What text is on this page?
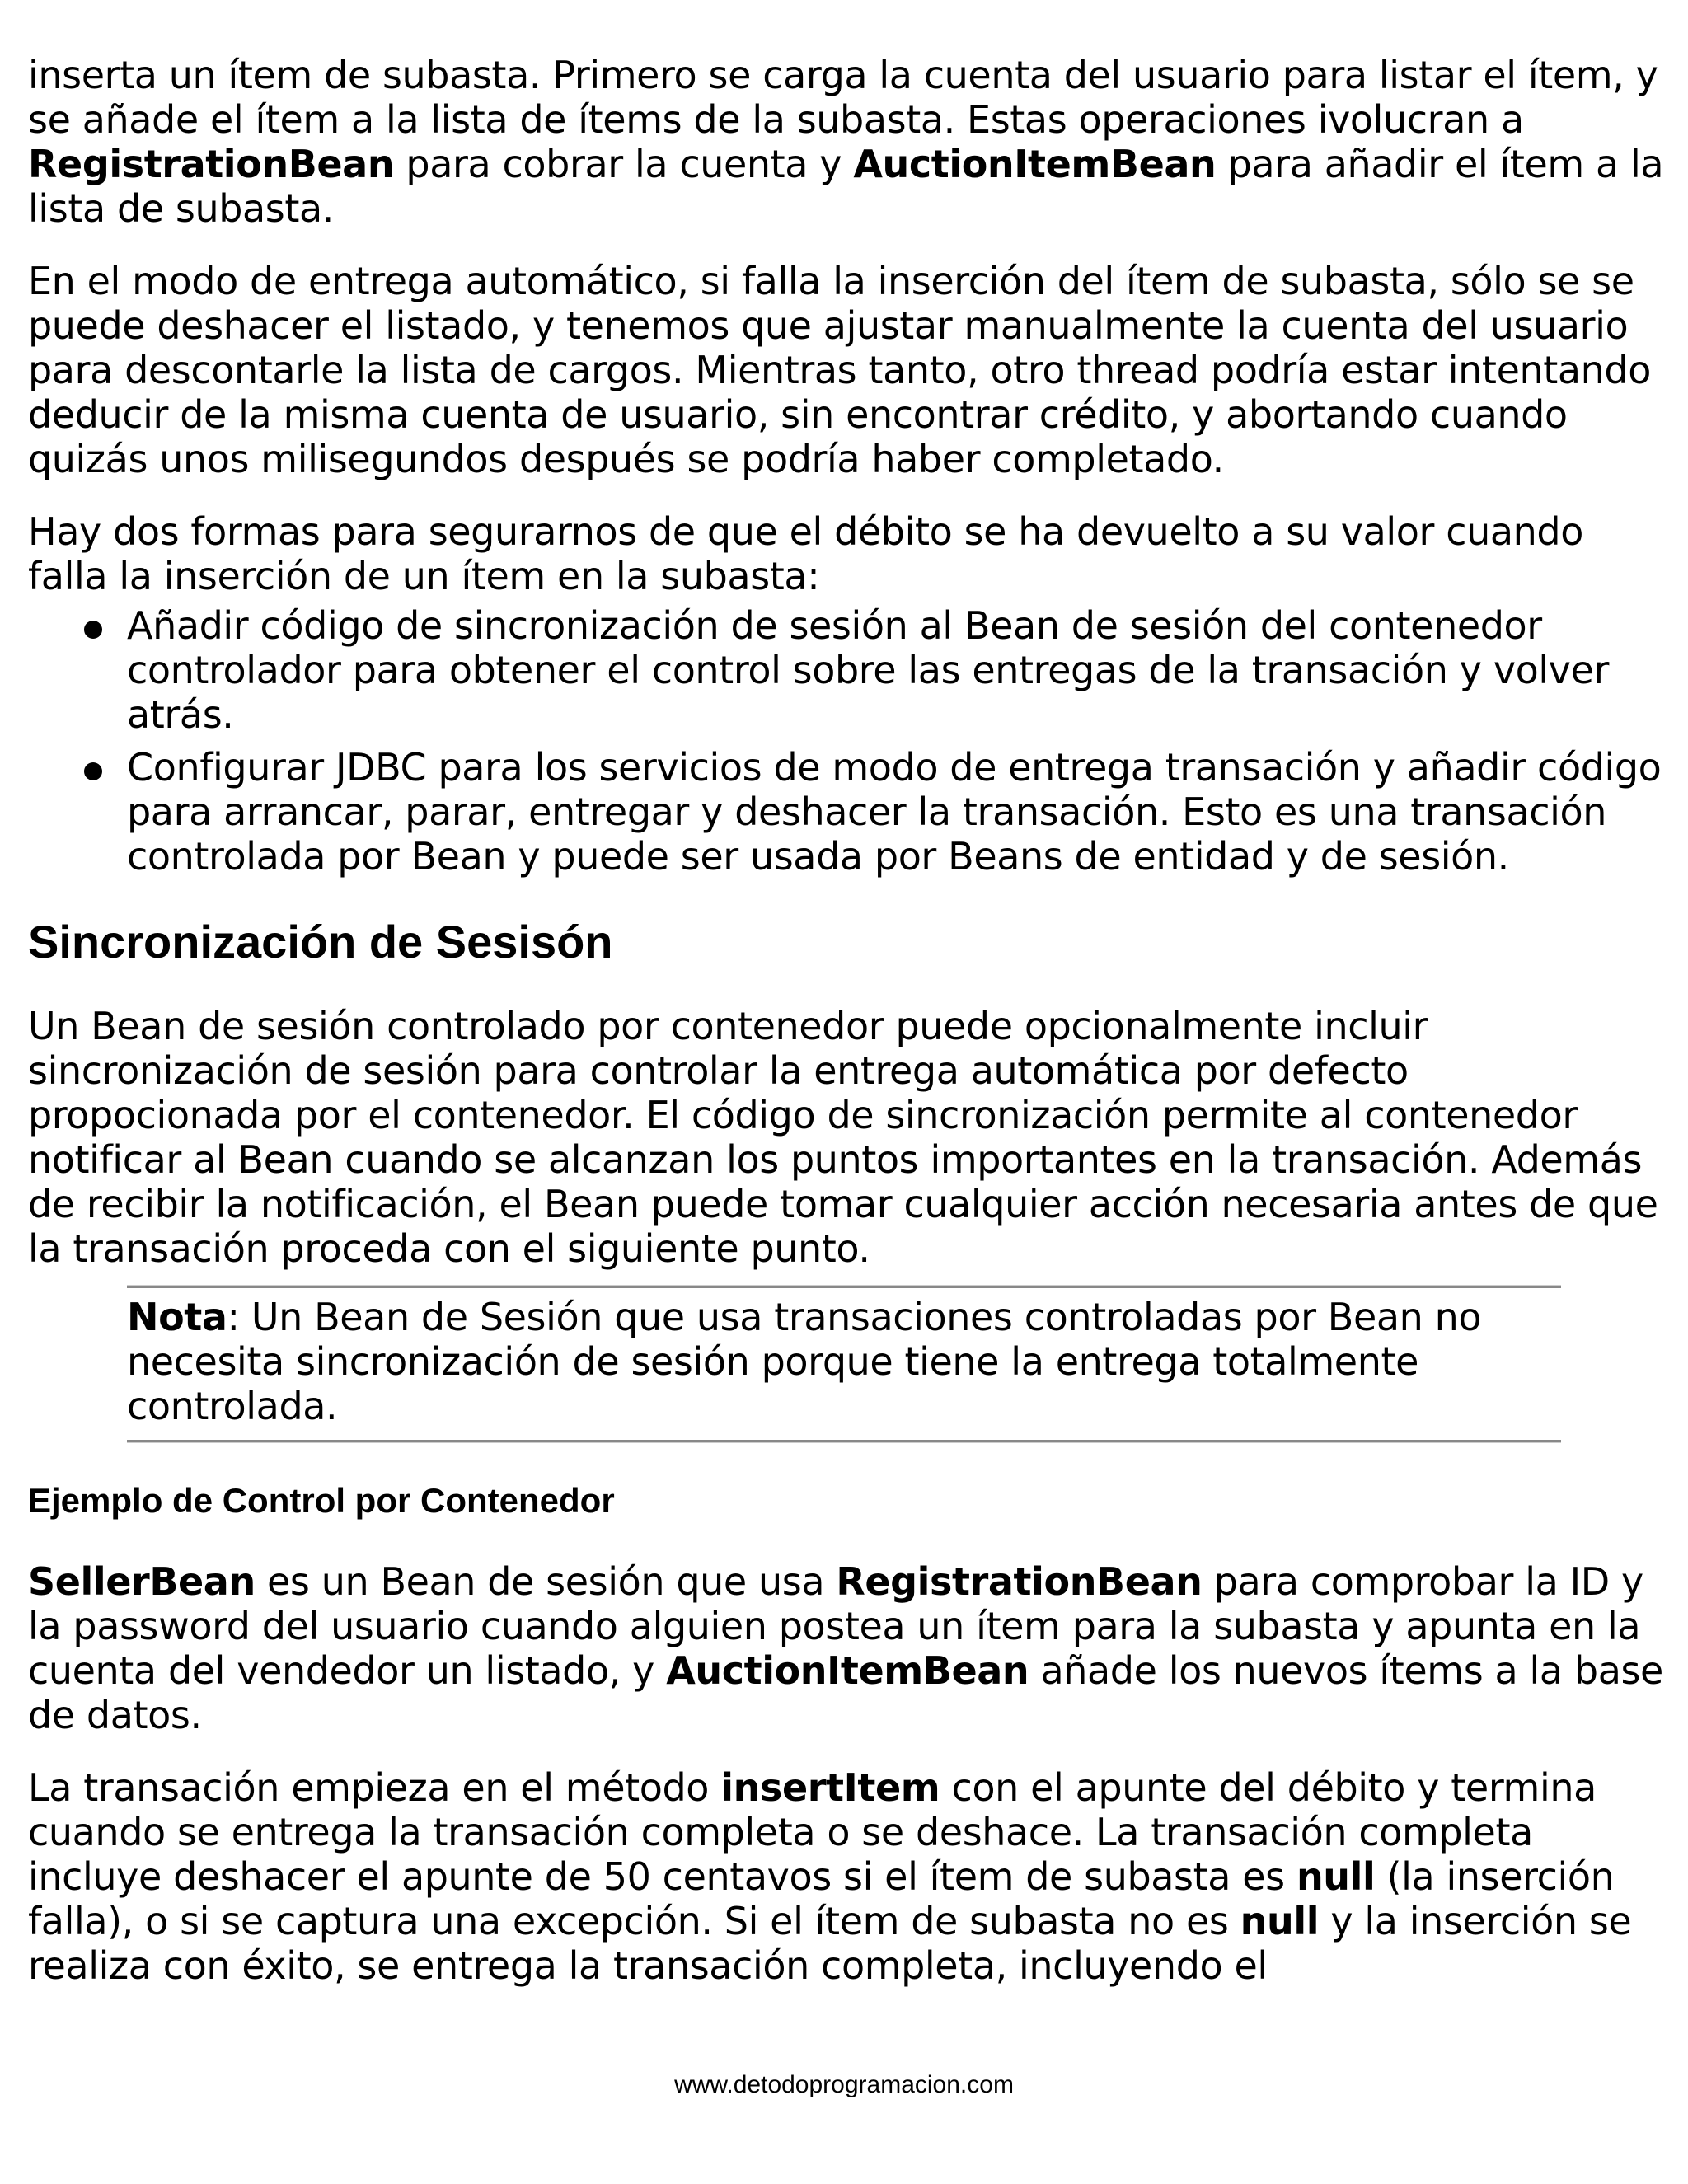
inserta un ítem de subasta. Primero se carga la cuenta del usuario para listar el ítem, y se añade el ítem a la lista de ítems de la subasta. Estas operaciones ivolucran a RegistrationBean para cobrar la cuenta y AuctionItemBean para añadir el ítem a la lista de subasta.

En el modo de entrega automático, si falla la inserción del ítem de subasta, sólo se se puede deshacer el listado, y tenemos que ajustar manualmente la cuenta del usuario para descontarle la lista de cargos. Mientras tanto, otro thread podría estar intentando deducir de la misma cuenta de usuario, sin encontrar crédito, y abortando cuando quizás unos milisegundos después se podría haber completado.

Hay dos formas para segurarnos de que el débito se ha devuelto a su valor cuando falla la inserción de un ítem en la subasta:

Añadir código de sincronización de sesión al Bean de sesión del contenedor controlador para obtener el control sobre las entregas de la transación y volver atrás.
Configurar JDBC para los servicios de modo de entrega transación y añadir código para arrancar, parar, entregar y deshacer la transación. Esto es una transación controlada por Bean y puede ser usada por Beans de entidad y de sesión.
Sincronización de Sesisón

Un Bean de sesión controlado por contenedor puede opcionalmente incluir sincronización de sesión para controlar la entrega automática por defecto propocionada por el contenedor. El código de sincronización permite al contenedor notificar al Bean cuando se alcanzan los puntos importantes en la transación. Además de recibir la notificación, el Bean puede tomar cualquier acción necesaria antes de que la transación proceda con el siguiente punto.

Nota: Un Bean de Sesión que usa transaciones controladas por Bean no necesita sincronización de sesión porque tiene la entrega totalmente controlada.

Ejemplo de Control por Contenedor

SellerBean es un Bean de sesión que usa RegistrationBean para comprobar la ID y la password del usuario cuando alguien postea un ítem para la subasta y apunta en la cuenta del vendedor un listado, y AuctionItemBean añade los nuevos ítems a la base de datos.

La transación empieza en el método insertItem con el apunte del débito y termina cuando se entrega la transación completa o se deshace. La transación completa incluye deshacer el apunte de 50 centavos si el ítem de subasta es null (la inserción falla), o si se captura una excepción. Si el ítem de subasta no es null y la inserción se realiza con éxito, se entrega la transación completa, incluyendo el

www.detodoprogramacion.com
